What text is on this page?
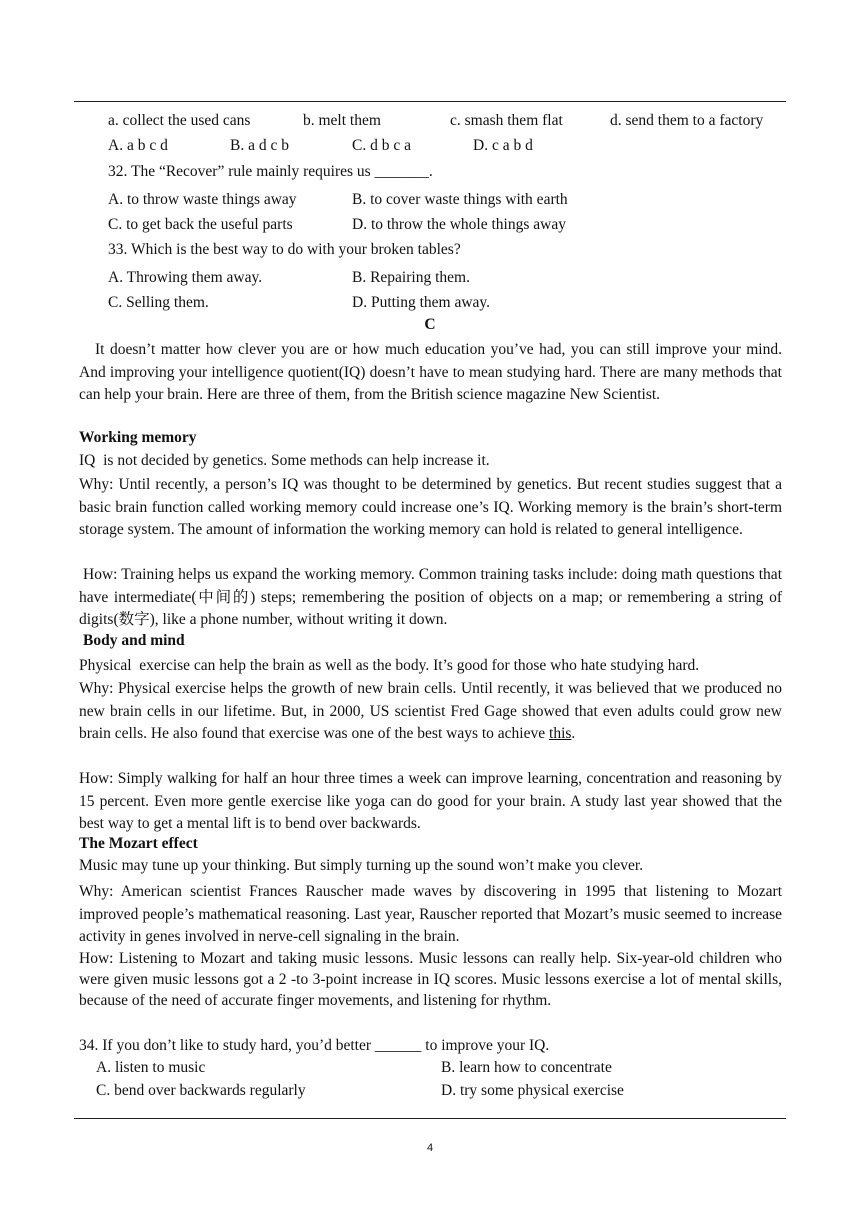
a. collect the used cans	b. melt them	c. smash them flat	d. send them to a factory
A. a b c d	B. a d c b	C. d b c a	D. c a b d
32. The “Recover” rule mainly requires us _______.
A. to throw waste things away	B. to cover waste things with earth
C. to get back the useful parts	D. to throw the whole things away
33. Which is the best way to do with your broken tables?
A. Throwing them away.	B. Repairing them.
C. Selling them.	D. Putting them away.
C
It doesn’t matter how clever you are or how much education you’ve had, you can still improve your mind. And improving your intelligence quotient(IQ) doesn’t have to mean studying hard. There are many methods that can help your brain. Here are three of them, from the British science magazine New Scientist.
Working memory
IQ  is not decided by genetics. Some methods can help increase it.
Why: Until recently, a person’s IQ was thought to be determined by genetics. But recent studies suggest that a basic brain function called working memory could increase one’s IQ. Working memory is the brain’s short-term storage system. The amount of information the working memory can hold is related to general intelligence.
How: Training helps us expand the working memory. Common training tasks include: doing math questions that have intermediate(中间的) steps; remembering the position of objects on a map; or remembering a string of digits(数字), like a phone number, without writing it down.
Body and mind
Physical  exercise can help the brain as well as the body. It’s good for those who hate studying hard.
Why: Physical exercise helps the growth of new brain cells. Until recently, it was believed that we produced no new brain cells in our lifetime. But, in 2000, US scientist Fred Gage showed that even adults could grow new brain cells. He also found that exercise was one of the best ways to achieve this.
How: Simply walking for half an hour three times a week can improve learning, concentration and reasoning by 15 percent. Even more gentle exercise like yoga can do good for your brain. A study last year showed that the best way to get a mental lift is to bend over backwards.
The Mozart effect
Music may tune up your thinking. But simply turning up the sound won’t make you clever.
Why: American scientist Frances Rauscher made waves by discovering in 1995 that listening to Mozart improved people’s mathematical reasoning. Last year, Rauscher reported that Mozart’s music seemed to increase activity in genes involved in nerve-cell signaling in the brain.
How: Listening to Mozart and taking music lessons. Music lessons can really help. Six-year-old children who were given music lessons got a 2 -to 3-point increase in IQ scores. Music lessons exercise a lot of mental skills, because of the need of accurate finger movements, and listening for rhythm.
34. If you don’t like to study hard, you’d better ______ to improve your IQ.
A. listen to music	B. learn how to concentrate
C. bend over backwards regularly	D. try some physical exercise
4
